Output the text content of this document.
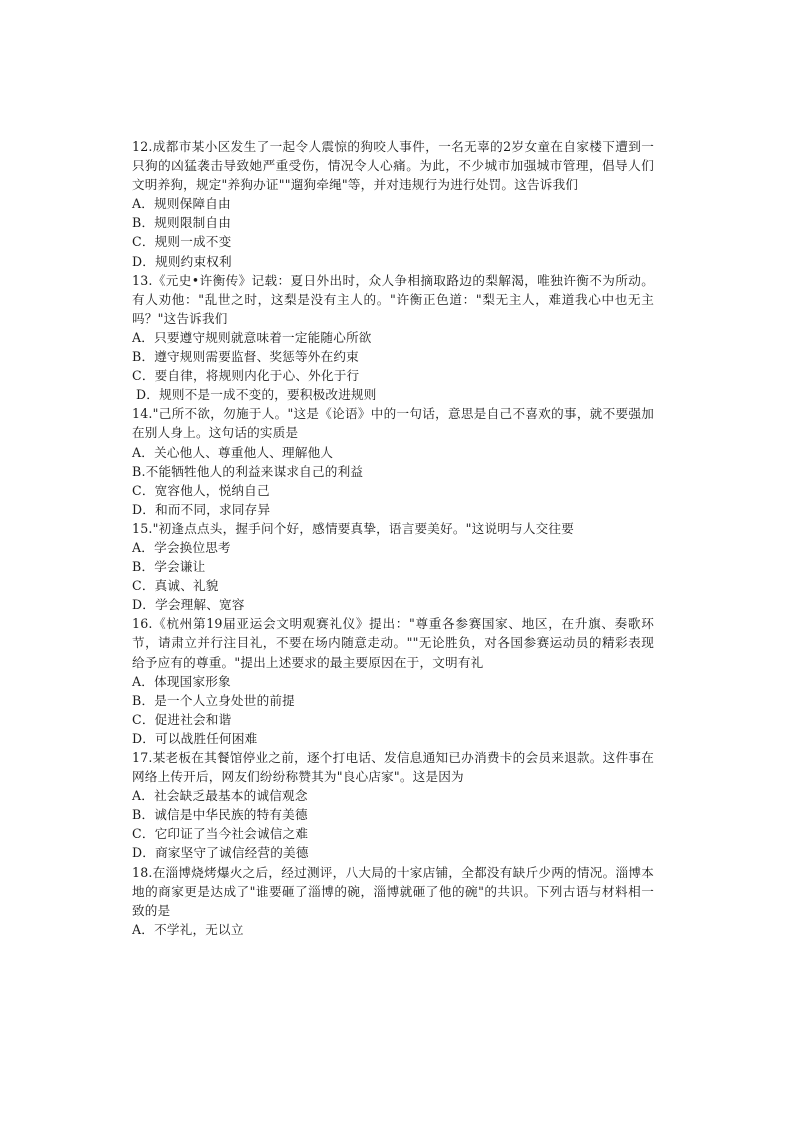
12.成都市某小区发生了一起令人震惊的狗咬人事件，一名无辜的2岁女童在自家楼下遭到一只狗的凶猛袭击导致她严重受伤，情况令人心痛。为此，不少城市加强城市管理，倡导人们文明养狗，规定"养狗办证""遛狗牵绳"等，并对违规行为进行处罚。这告诉我们

A．规则保障自由

B．规则限制自由

C．规则一成不变

D．规则约束权利

13.《元史•许衡传》记载：夏日外出时，众人争相摘取路边的梨解渴，唯独许衡不为所动。有人劝他："乱世之时，这梨是没有主人的。"许衡正色道："梨无主人，难道我心中也无主吗？"这告诉我们

A．只要遵守规则就意味着一定能随心所欲

B．遵守规则需要监督、奖惩等外在约束

C．要自律，将规则内化于心、外化于行

D．规则不是一成不变的，要积极改进规则

14."己所不欲，勿施于人。"这是《论语》中的一句话，意思是自己不喜欢的事，就不要强加在别人身上。这句话的实质是

A．关心他人、尊重他人、理解他人

B.不能牺牲他人的利益来谋求自己的利益

C．宽容他人，悦纳自己

D．和而不同，求同存异

15."初逢点点头，握手问个好，感情要真挚，语言要美好。"这说明与人交往要

A．学会换位思考

B．学会谦让

C．真诚、礼貌

D．学会理解、宽容

16.《杭州第19届亚运会文明观赛礼仪》提出："尊重各参赛国家、地区，在升旗、奏歌环节，请肃立并行注目礼，不要在场内随意走动。""无论胜负，对各国参赛运动员的精彩表现给予应有的尊重。"提出上述要求的最主要原因在于，文明有礼

A．体现国家形象

B．是一个人立身处世的前提

C．促进社会和谐

D．可以战胜任何困难

17.某老板在其餐馆停业之前，逐个打电话、发信息通知已办消费卡的会员来退款。这件事在网络上传开后，网友们纷纷称赞其为"良心店家"。这是因为

A．社会缺乏最基本的诚信观念

B．诚信是中华民族的特有美德

C．它印证了当今社会诚信之难

D．商家坚守了诚信经营的美德

18.在淄博烧烤爆火之后，经过测评，八大局的十家店铺，全都没有缺斤少两的情况。淄博本地的商家更是达成了"谁要砸了淄博的碗，淄博就砸了他的碗"的共识。下列古语与材料相一致的是

A．不学礼，无以立
